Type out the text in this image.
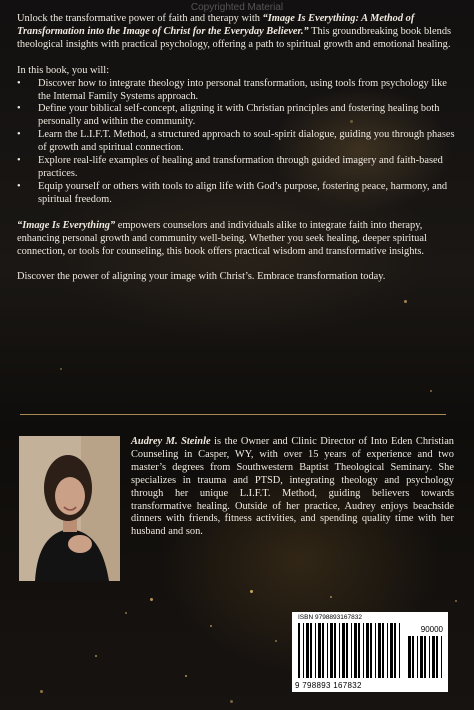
Copyrighted Material

Unlock the transformative power of faith and therapy with “Image Is Everything: A Method of Transformation into the Image of Christ for the Everyday Believer.” This groundbreaking book blends theological insights with practical psychology, offering a path to spiritual growth and emotional healing.

In this book, you will:

• Discover how to integrate theology into personal transformation, using tools from psychology like the Internal Family Systems approach.
• Define your biblical self-concept, aligning it with Christian principles and fostering healing both personally and within the community.
• Learn the L.I.F.T. Method, a structured approach to soul-spirit dialogue, guiding you through phases of growth and spiritual connection.
• Explore real-life examples of healing and transformation through guided imagery and faith-based practices.
• Equip yourself or others with tools to align life with God’s purpose, fostering peace, harmony, and spiritual freedom.

“Image Is Everything” empowers counselors and individuals alike to integrate faith into therapy, enhancing personal growth and community well-being. Whether you seek healing, deeper spiritual connection, or tools for counseling, this book offers practical wisdom and transformative insights.

Discover the power of aligning your image with Christ’s. Embrace transformation today.

Audrey M. Steinle is the Owner and Clinic Director of Into Eden Christian Counseling in Casper, WY, with over 15 years of experience and two master’s degrees from Southwestern Baptist Theological Seminary. She specializes in trauma and PTSD, integrating theology and psychology through her unique L.I.F.T. Method, guiding believers towards transformative healing. Outside of her practice, Audrey enjoys beachside dinners with friends, fitness activities, and spending quality time with her husband and son.

ISBN 9798893167832
90000
9 798893 167832
